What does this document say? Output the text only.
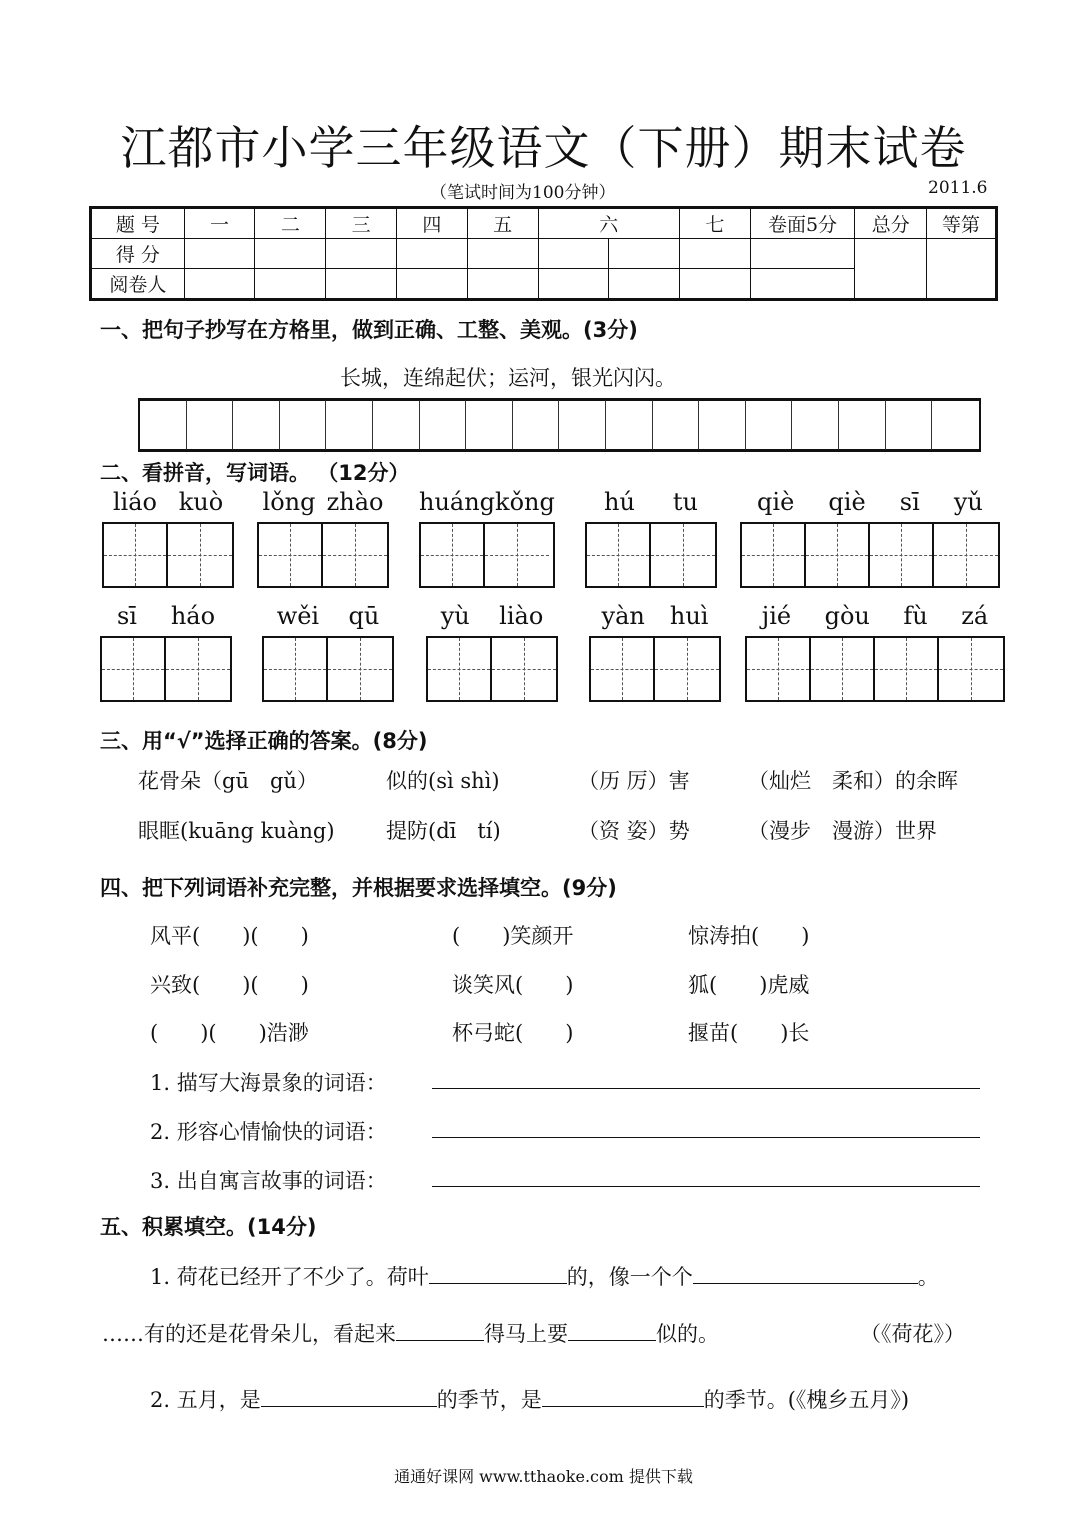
江都市小学三年级语文（下册）期末试卷
（笔试时间为100分钟）	2011.6
题 号	一	二	三	四	五	六		七	卷面5分	总分	等第
得 分											
阅卷人											
一、把句子抄写在方格里，做到正确、工整、美观。(3分)
长城，连绵起伏；运河，银光闪闪。
二、看拼音，写词语。 （12分）
liáo kuò lǒng zhào huáng kǒng hú tu qiè qiè sī yǔ
sī háo	wěi qū	yù liào yàn huì jié gòu fù zá
三、用“√”选择正确的答案。(8分)
花骨朵（gū　gǔ）	似的(sì shì)	（历 厉）害	（灿烂　柔和）的余晖
眼眶(kuāng kuàng) 提防(dī　tí)	（资 姿）势	（漫步　漫游）世界
四、把下列词语补充完整，并根据要求选择填空。(9分)
风平(　　)(　　)	(　　)笑颜开	惊涛拍(　　)
兴致(　　)(　　)	谈笑风(　　)	狐(　　)虎威
(　　)(　　)浩渺	杯弓蛇(　　)	揠苗(　　)长
1. 描写大海景象的词语：
2. 形容心情愉快的词语：
3. 出自寓言故事的词语：
五、积累填空。(14分)
1. 荷花已经开了不少了。荷叶	的，像一个个	。
……有的还是花骨朵儿，看起来	得马上要	似的。	（《荷花》）
2. 五月，是	的季节，是	的季节。(《槐乡五月》)
通通好课网 www.tthaoke.com 提供下载
